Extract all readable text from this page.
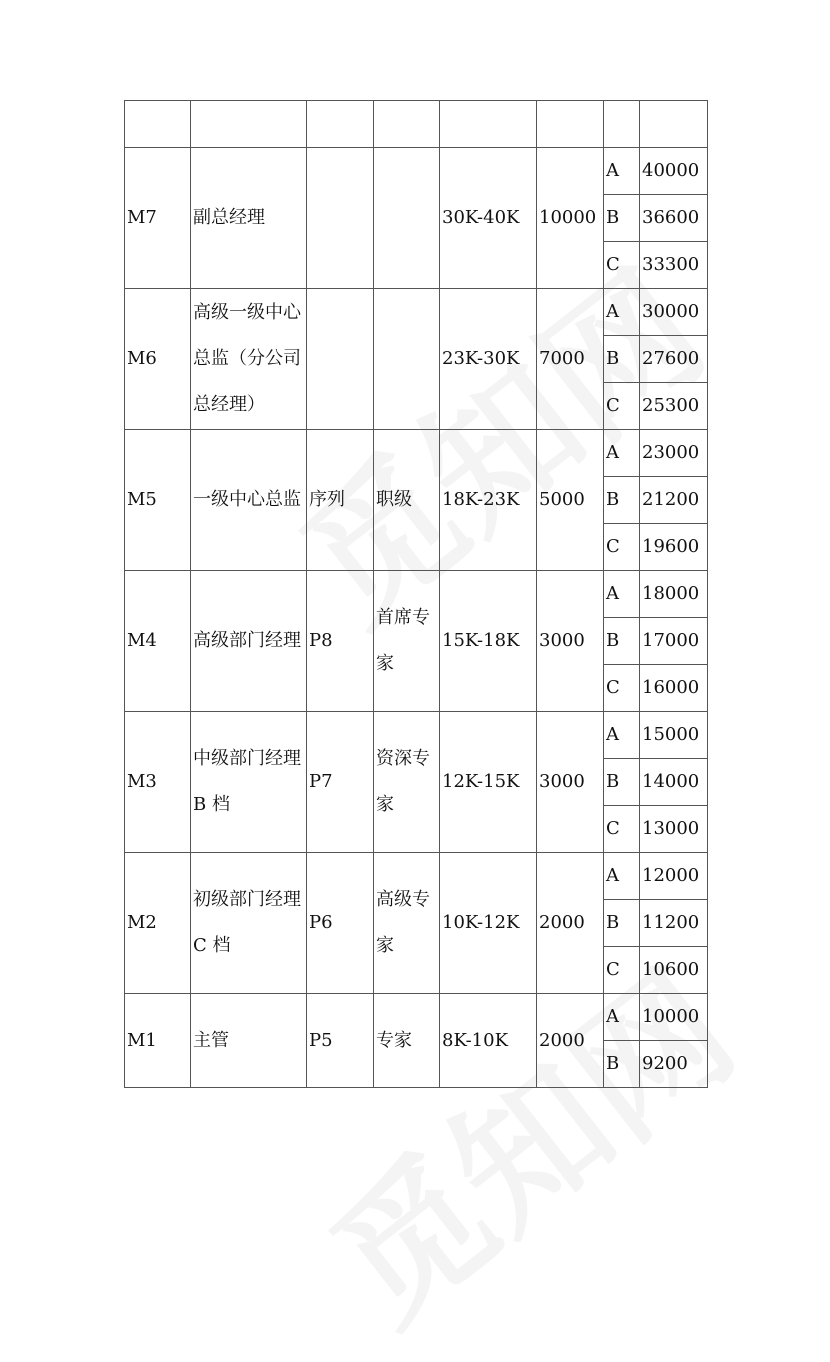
M7	副总经理			30K-40K	10000	A	40000
						B	36600
						C	33300
M6	高级一级中心总监（分公司总经理）			23K-30K	7000	A	30000
						B	27600
						C	25300
M5	一级中心总监	序列	职级	18K-23K	5000	A	23000
						B	21200
						C	19600
M4	高级部门经理	P8	首席专家	15K-18K	3000	A	18000
						B	17000
						C	16000
M3	中级部门经理 B 档	P7	资深专家	12K-15K	3000	A	15000
						B	14000
						C	13000
M2	初级部门经理 C 档	P6	高级专家	10K-12K	2000	A	12000
						B	11200
						C	10600
M1	主管	P5	专家	8K-10K	2000	A	10000
						B	9200
